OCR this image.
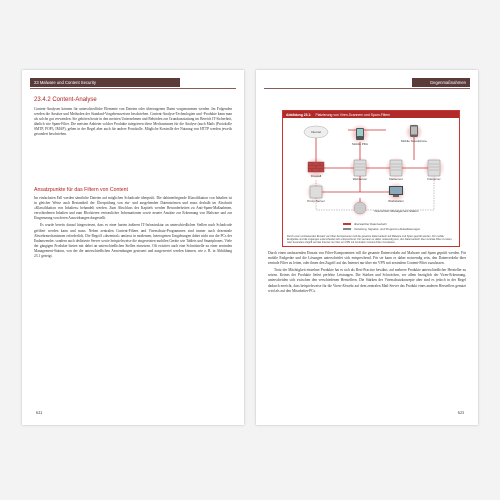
23 Malware und Content Security
23.4.2 Content-Analyse

Content-Analysen können für unterschiedliche Elemente von Dateien oder übertragenen Daten vorgenommen werden. Im Folgenden werden die Ansätze und Methoden der Standard-Vorgehensweisen beschrieben. Content-Analyse-Technologien und -Produkte kann man als solche gut verwenden. Sie gehören heute in den meisten Unternehmen und Behörden zur Grundausstattung im Bereich IT-Sicherheit, ähnlich wie Spam-Filter. Die meisten Anbieter solcher Produkte integrieren diese Mechanismen für die Analyse (auch Mails (Protokolle SMTP, POP3, IMAP), gehen in der Regel aber auch für andere Protokolle. Mögliche Kontrolle der Nutzung von HTTP werden jeweils gesondert beschrieben.

Ansatzpunkte für das Filtern von Content

Im einfachsten Fall werden sämtliche Dateien auf möglichen Schadcode überprüft. Die dahinterliegende Klassifikation von Inhalten ist in gleicher Weise auch Bestandteil der Überprüfung von ein- und ausgehenden Datenströmen und muss deshalb im Abschnitt »Klassifikation von Inhalten« behandelt werden. Zum Abschluss des Kapitels werden Besonderheiten zu Anti-Spam-Maßnahmen, verschiedenen Inhalten und zum Blockieren vertraulicher Informationen sowie neuere Ansätze zur Erkennung von Malware und zur Eingrenzung von deren Auswirkungen dargestellt.

Es wurde bereits darauf hingewiesen, dass es einer harten äußeren IT-Infrastruktur an unterschiedlichen Stellen nach Schadcode gefiltert werden kann und muss. Neben zentralen Content-Filtern und Virenschutz-Programmen sind immer auch dezentrale Abwehrmechanismen erforderlich. Die Begriff »dezentral« umfasst in modernen, heterogenen Umgebungen dabei nicht nur die PCs der Endanwender, sondern auch dedizierte Server sowie beispielsweise die eingesetzten mobilen Geräte wie Tablets und Smartphones. Viele der gängigen Produkte bieten mit dabei an unterschiedlichen Stellen einsetzen. Oft existiert auch eine Schnittstelle zu einer zentralen Management-Station, von der die unterschiedlichen Anwendungen gesteuert und ausgewertet werden können, wie z. B. in Abbildung 23.1 gezeigt.

622
Gegenmaßnahmen
Abbildung 23.1: Platzierung von Viren-Scannern und Spam-Filtern
Internet
Firewall
Mobile PDA
Mobile Smartphone
Webserver	Mailserver	Fileserver
Proxy-Server	Workstation
Virenschutz-Management-Station
überwachter Datenverkehr
Verteilung, Signatur- und Programm-Aktualisierungen
Durch einen umfassenden Einsatz von Filter-Komponenten soll die gesamte Datenverkehr auf Malware und Spam geprüft werden. Für mobile Endgeräte und die zugangen unterscheidet sich entsprechend. Für sie kann es daher notwendig sein, den Datenverkehr über zentrale Filter zu leiten, oder besondere Zugriff auf das Internet nur über ein VPN mit zentralem Content-Filter zuzulassen.

Durch einen umfassenden Einsatz von Filter-Komponenten will die gesamte Datenverkehr auf Malware und Spam geprüft werden. Für mobile Endgeräte und die Lösungen unterscheidet sich entsprechend. Für sie kann es daher notwendig sein, den Datenverkehr über zentrale Filter zu leiten, oder ihnen den Zugriff auf das Internet nur über ein VPN mit zentralem Content-Filter zuzulassen.

Trotz der Mächtigkeit einzelner Produkte hat es sich als Best-Practice bewährt, auf mehrere Produkte unterschiedlicher Hersteller zu setzen. Keines der Produkte liefert perfekte Leistungen. Die Stärken und Schwächen, vor allem bezüglich der Viren-Erkennung, unterscheiden sich zwischen den verschiedenen Herstellern. Die Stärken der Virenschutzkonzepte aber sind es jedoch in der Regel dadurch erreicht, dass beispielsweise für die Viren-Abwehr auf dem zentralen Mail-Server das Produkt eines anderen Herstellers genutzt wird als auf den Mitarbeiter-PCs.

623
